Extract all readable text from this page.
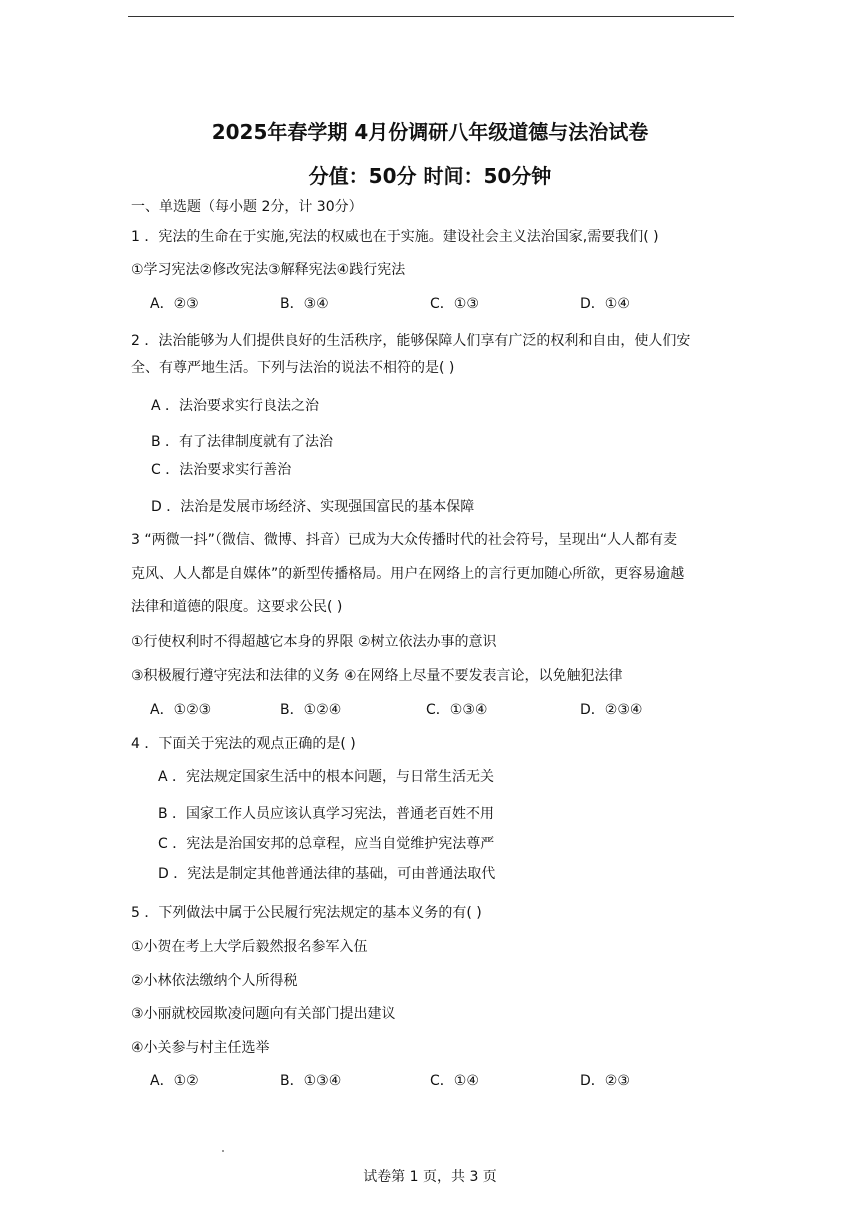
2025年春学期 4月份调研八年级道德与法治试卷
分值：50分 时间：50分钟
一、单选题（每小题 2分，计 30分）
1 ．宪法的生命在于实施,宪法的权威也在于实施。建设社会主义法治国家,需要我们( )
①学习宪法②修改宪法③解释宪法④践行宪法
A．②③	B．③④	C．①③	D．①④
2 ．法治能够为人们提供良好的生活秩序，能够保障人们享有广泛的权利和自由，使人们安
全、有尊严地生活。下列与法治的说法不相符的是( )
A ．法治要求实行良法之治
B ．有了法律制度就有了法治
C ．法治要求实行善治
D ．法治是发展市场经济、实现强国富民的基本保障
3 “两微一抖”（微信、微博、抖音）已成为大众传播时代的社会符号，呈现出“人人都有麦
克风、人人都是自媒体”的新型传播格局。用户在网络上的言行更加随心所欲，更容易逾越
法律和道德的限度。这要求公民( )
①行使权利时不得超越它本身的界限 ②树立依法办事的意识
③积极履行遵守宪法和法律的义务 ④在网络上尽量不要发表言论，以免触犯法律
A．①②③	B．①②④	C．①③④	D．②③④
4 ．下面关于宪法的观点正确的是( )
A ．宪法规定国家生活中的根本问题，与日常生活无关
B ．国家工作人员应该认真学习宪法，普通老百姓不用
C ．宪法是治国安邦的总章程，应当自觉维护宪法尊严
D ．宪法是制定其他普通法律的基础，可由普通法取代
5 ．下列做法中属于公民履行宪法规定的基本义务的有( )
①小贺在考上大学后毅然报名参军入伍
②小林依法缴纳个人所得税
③小丽就校园欺凌问题向有关部门提出建议
④小关参与村主任选举
A．①②	B．①③④	C．①④	D．②③
试卷第 1 页，共 3 页
